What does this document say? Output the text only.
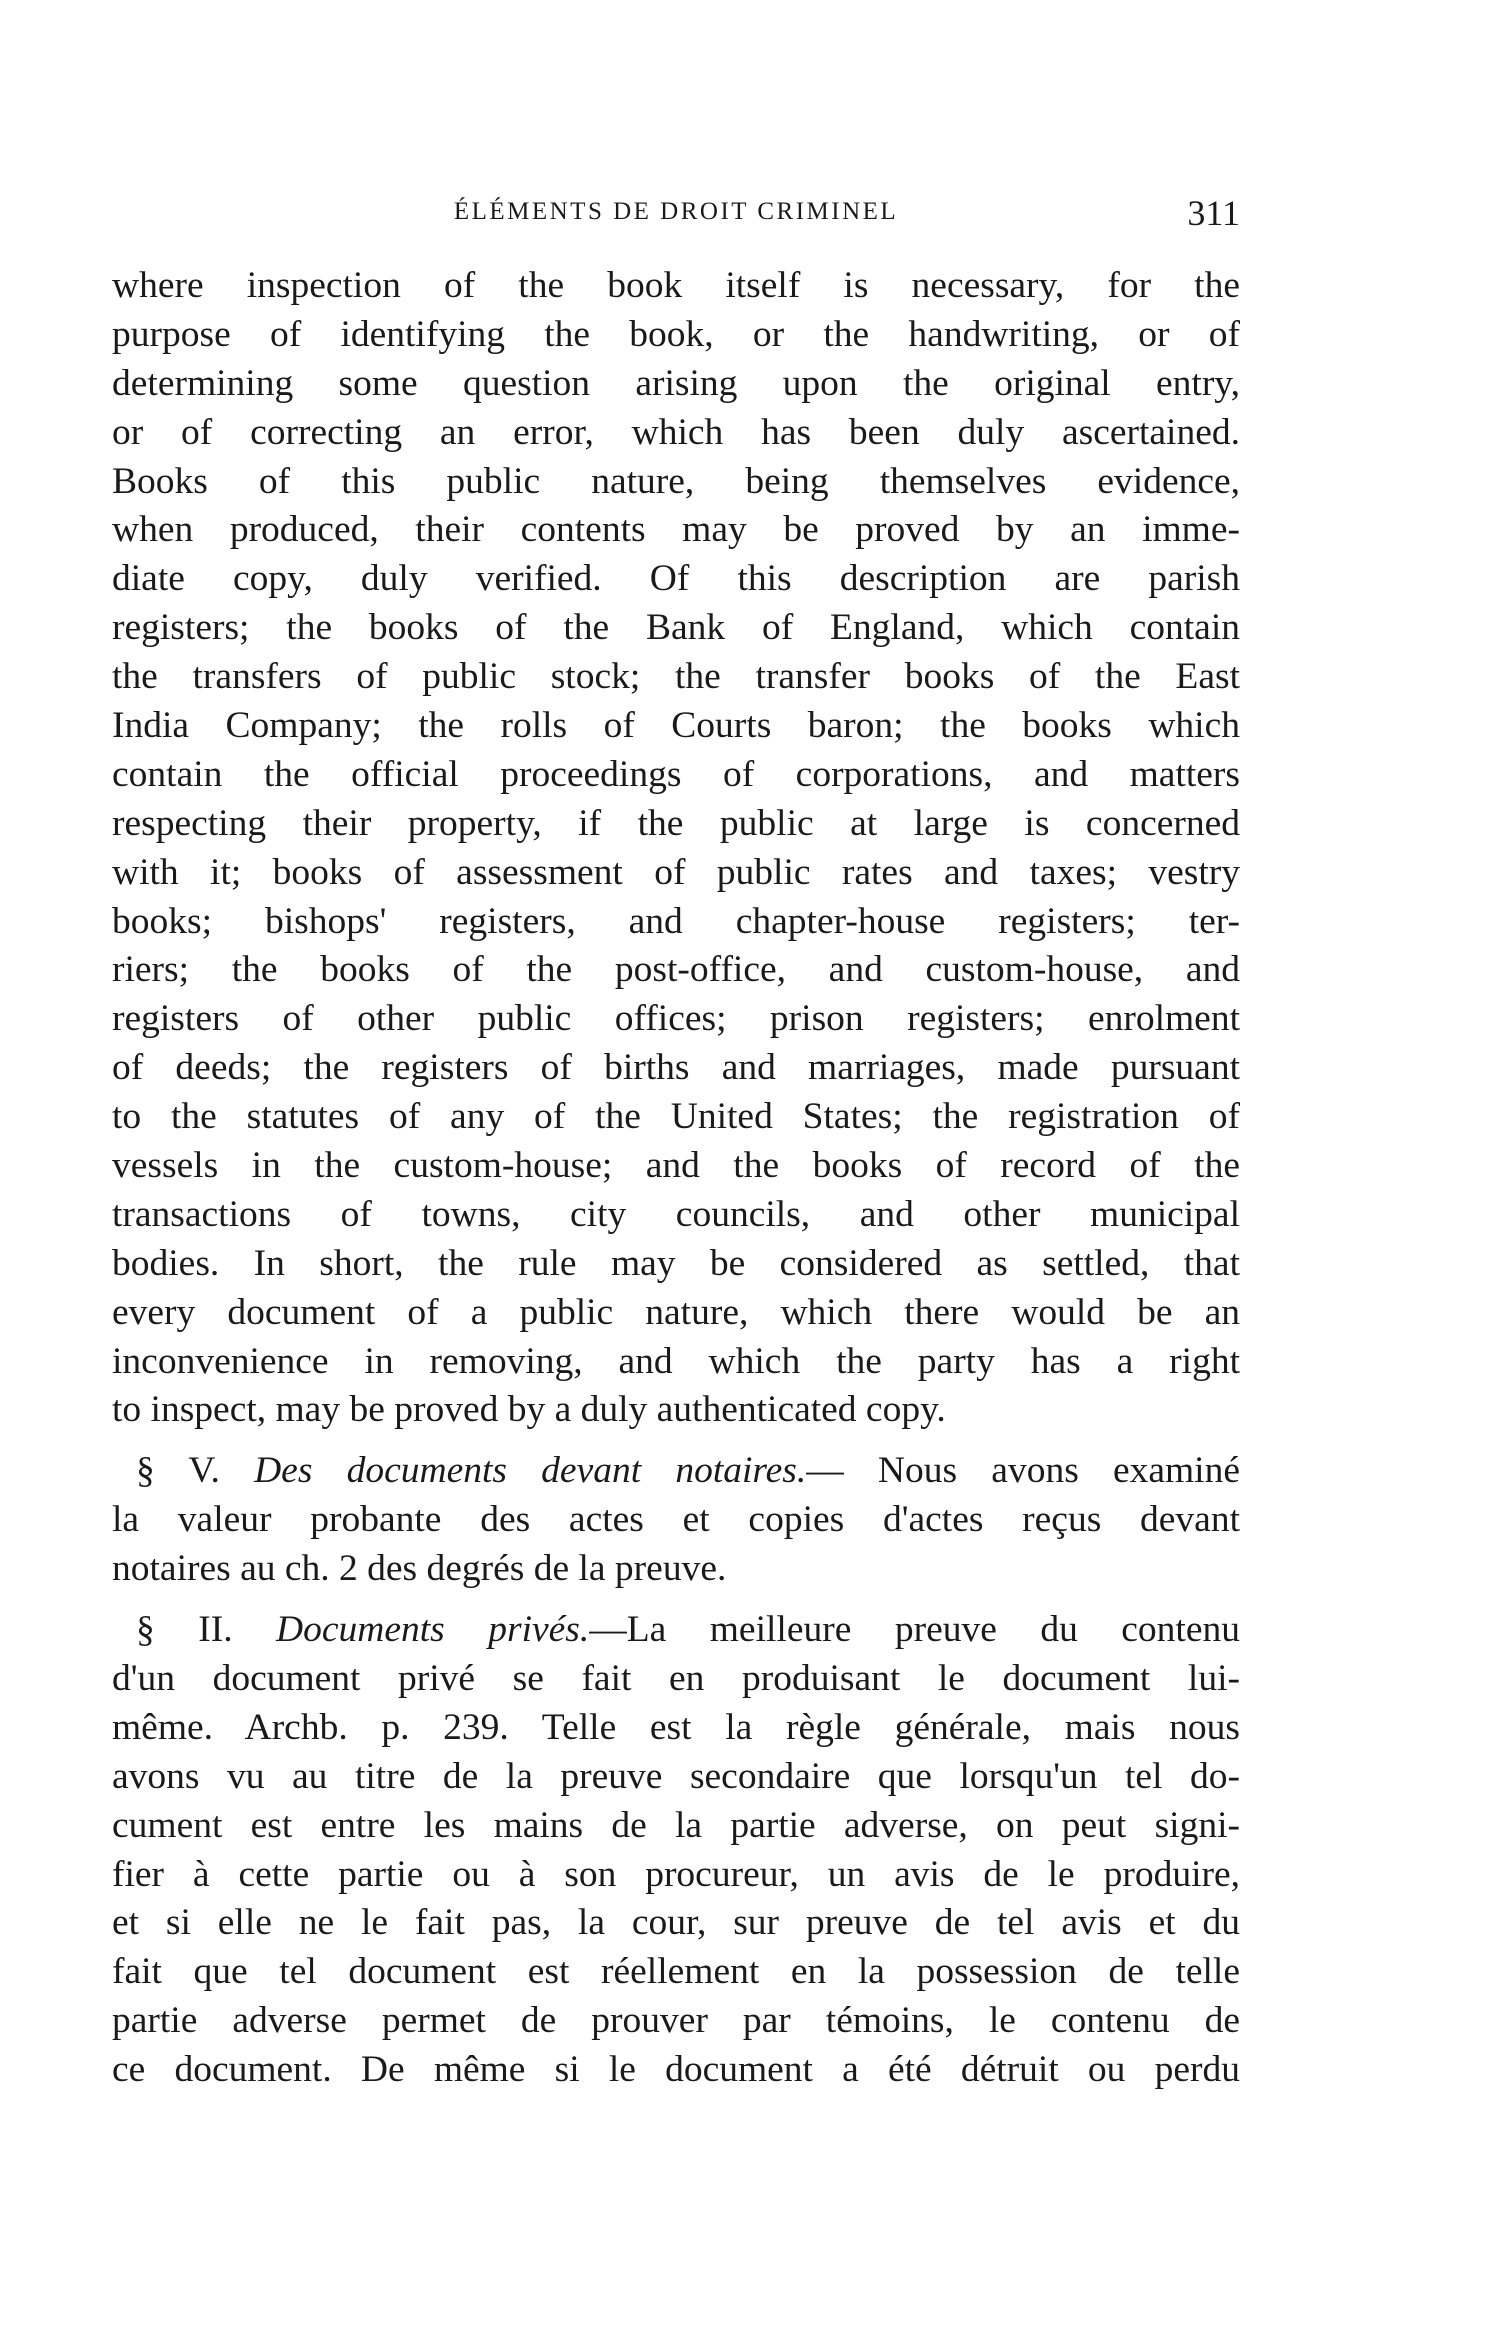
ÉLÉMENTS DE DROIT CRIMINEL	311
where inspection of the book itself is necessary, for the
purpose of identifying the book, or the handwriting, or of
determining some question arising upon the original entry,
or of correcting an error, which has been duly ascertained.
Books of this public nature, being themselves evidence,
when produced, their contents may be proved by an imme-
diate copy, duly verified. Of this description are parish
registers; the books of the Bank of England, which contain
the transfers of public stock; the transfer books of the East
India Company; the rolls of Courts baron; the books which
contain the official proceedings of corporations, and matters
respecting their property, if the public at large is concerned
with it; books of assessment of public rates and taxes; vestry
books; bishops' registers, and chapter-house registers; ter-
riers; the books of the post-office, and custom-house, and
registers of other public offices; prison registers; enrolment
of deeds; the registers of births and marriages, made pursuant
to the statutes of any of the United States; the registration of
vessels in the custom-house; and the books of record of the
transactions of towns, city councils, and other municipal
bodies. In short, the rule may be considered as settled, that
every document of a public nature, which there would be an
inconvenience in removing, and which the party has a right
to inspect, may be proved by a duly authenticated copy.
§ V. Des documents devant notaires.— Nous avons examiné
la valeur probante des actes et copies d'actes reçus devant
notaires au ch. 2 des degrés de la preuve.
§ II. Documents privés.—La meilleure preuve du contenu
d'un document privé se fait en produisant le document lui-
même. Archb. p. 239. Telle est la règle générale, mais nous
avons vu au titre de la preuve secondaire que lorsqu'un tel do-
cument est entre les mains de la partie adverse, on peut signi-
fier à cette partie ou à son procureur, un avis de le produire,
et si elle ne le fait pas, la cour, sur preuve de tel avis et du
fait que tel document est réellement en la possession de telle
partie adverse permet de prouver par témoins, le contenu de
ce document. De même si le document a été détruit ou perdu
